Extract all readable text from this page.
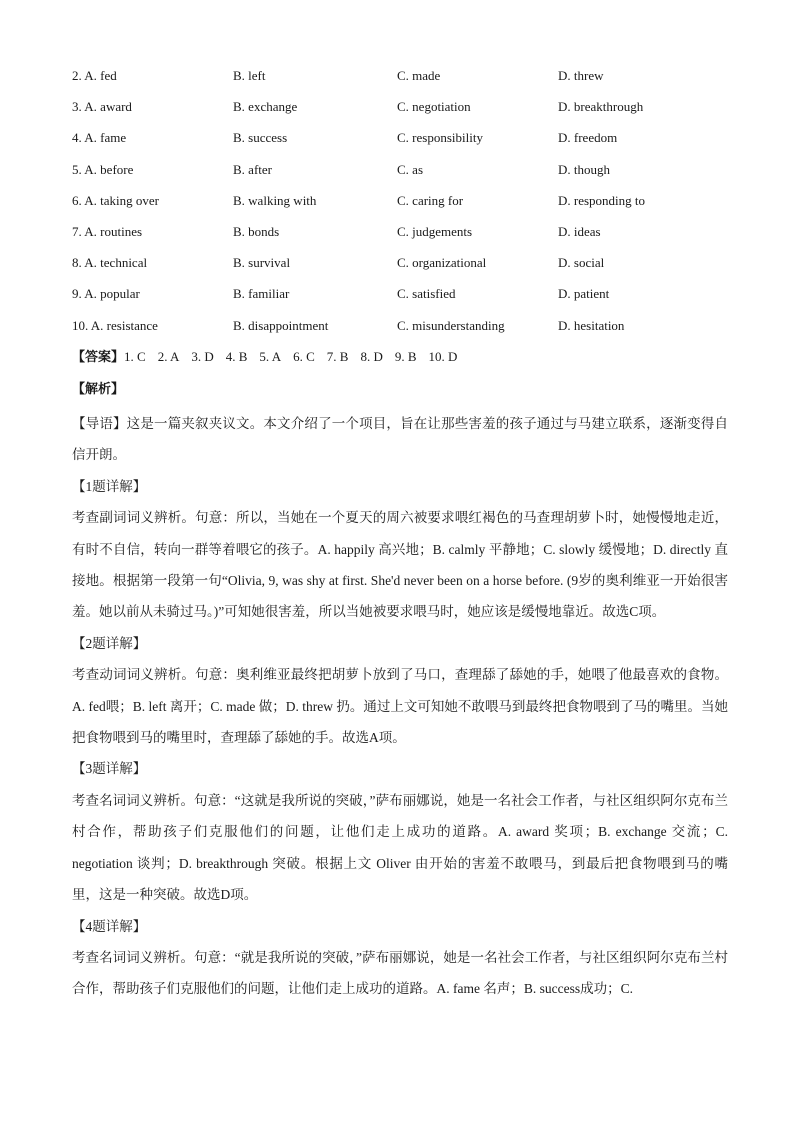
2. A. fed	B. left	C. made	D. threw
3. A. award	B. exchange	C. negotiation	D. breakthrough
4. A. fame	B. success	C. responsibility	D. freedom
5. A. before	B. after	C. as	D. though
6. A. taking over	B. walking with	C. caring for	D. responding to
7. A. routines	B. bonds	C. judgements	D. ideas
8. A. technical	B. survival	C. organizational	D. social
9. A. popular	B. familiar	C. satisfied	D. patient
10. A. resistance	B. disappointment	C. misunderstanding	D. hesitation
【答案】1. C 2. A 3. D 4. B 5. A 6. C 7. B 8. D 9. B 10. D
【解析】

【导语】这是一篇夹叙夹议文。本文介绍了一个项目，旨在让那些害羞的孩子通过与马建立联系，逐渐变得自信开朗。

【1题详解】

考查副词词义辨析。句意：所以，当她在一个夏天的周六被要求喂红褐色的马查理胡萝卜时，她慢慢地走近，有时不自信，转向一群等着喂它的孩子。A. happily 高兴地；B. calmly 平静地；C. slowly 缓慢地；D. directly 直接地。根据第一段第一句“Olivia, 9, was shy at first. She'd never been on a horse before. (9岁的奥利维亚一开始很害羞。她以前从未骑过马。)”可知她很害羞，所以当她被要求喂马时，她应该是缓慢地靠近。故选C项。

【2题详解】

考查动词词义辨析。句意：奥利维亚最终把胡萝卜放到了马口，查理舔了舔她的手，她喂了他最喜欢的食物。A. fed喂；B. left 离开；C. made 做；D. threw 扔。通过上文可知她不敢喂马到最终把食物喂到了马的嘴里。当她把食物喂到马的嘴里时，查理舔了舔她的手。故选A项。

【3题详解】

考查名词词义辨析。句意：“这就是我所说的突破，”萨布丽娜说，她是一名社会工作者，与社区组织阿尔克布兰村合作，帮助孩子们克服他们的问题，让他们走上成功的道路。A. award 奖项；B. exchange 交流；C. negotiation 谈判；D. breakthrough 突破。根据上文 Oliver 由开始的害羞不敢喂马，到最后把食物喂到马的嘴里，这是一种突破。故选D项。

【4题详解】

考查名词词义辨析。句意：“就是我所说的突破，”萨布丽娜说，她是一名社会工作者，与社区组织阿尔克布兰村合作，帮助孩子们克服他们的问题，让他们走上成功的道路。A. fame 名声；B. success成功；C.
